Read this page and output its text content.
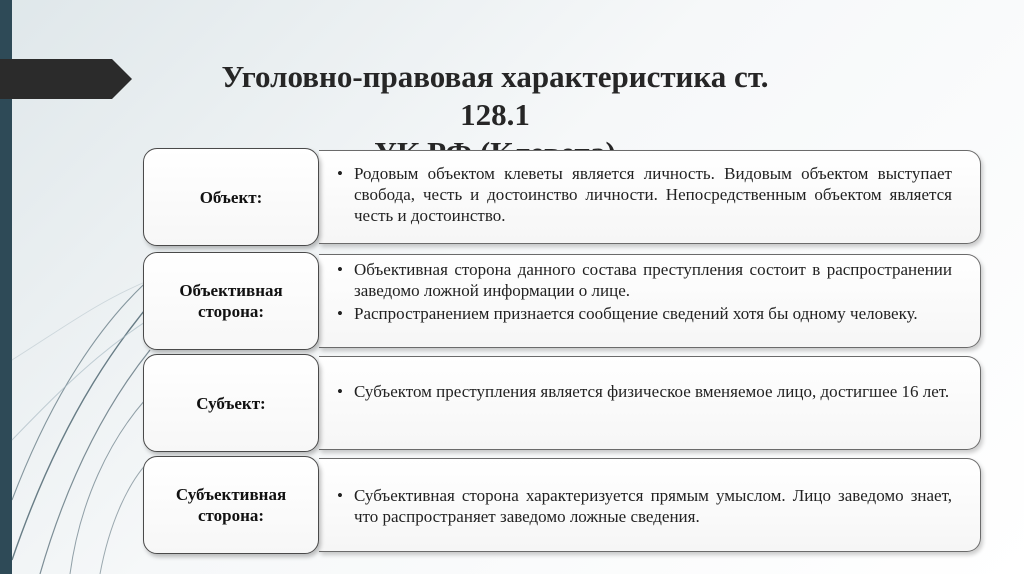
Уголовно-правовая характеристика ст. 128.1
Объект:
• Родовым объектом клеветы является личность. Видовым объектом выступает свобода, честь и достоинство личности. Непосредственным объектом является честь и достоинство.
Объективная сторона:
• Объективная сторона данного состава преступления состоит в распространении заведомо ложной информации о лице.
• Распространением признается сообщение сведений хотя бы одному человеку.
Субъект:
• Субъектом преступления является физическое вменяемое лицо, достигшее 16 лет.
Субъективная сторона:
• Субъективная сторона характеризуется прямым умыслом. Лицо заведомо знает, что распространяет заведомо ложные сведения.
